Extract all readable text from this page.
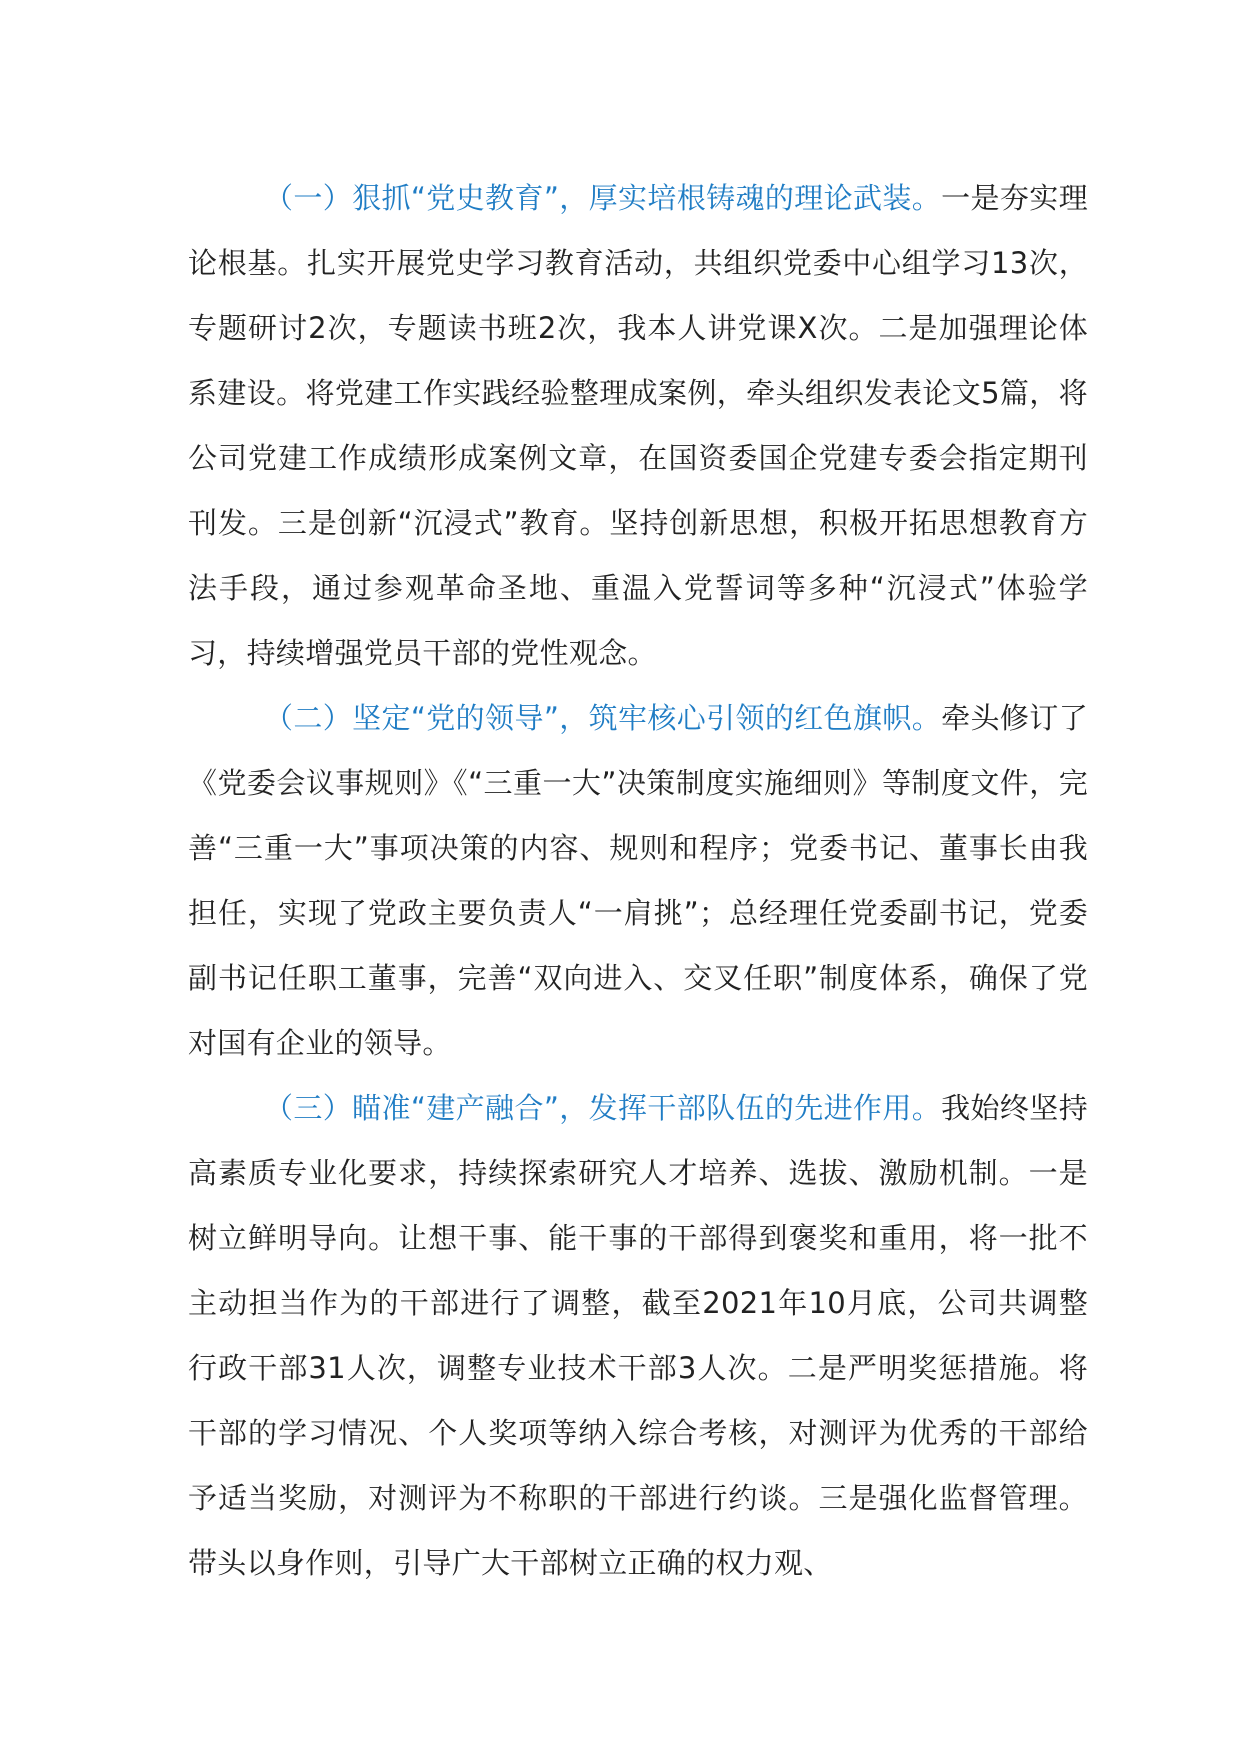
（一）狠抓“党史教育”，厚实培根铸魂的理论武装。一是夯实理论根基。扎实开展党史学习教育活动，共组织党委中心组学习13次，专题研讨2次，专题读书班2次，我本人讲党课X次。二是加强理论体系建设。将党建工作实践经验整理成案例，牵头组织发表论文5篇，将公司党建工作成绩形成案例文章，在国资委国企党建专委会指定期刊刊发。三是创新“沉浸式”教育。坚持创新思想，积极开拓思想教育方法手段，通过参观革命圣地、重温入党誓词等多种“沉浸式”体验学习，持续增强党员干部的党性观念。

（二）坚定“党的领导”，筑牢核心引领的红色旗帜。牵头修订了《党委会议事规则》《“三重一大”决策制度实施细则》等制度文件，完善“三重一大”事项决策的内容、规则和程序；党委书记、董事长由我担任，实现了党政主要负责人“一肩挑”；总经理任党委副书记，党委副书记任职工董事，完善“双向进入、交叉任职”制度体系，确保了党对国有企业的领导。

（三）瞄准“建产融合”，发挥干部队伍的先进作用。我始终坚持高素质专业化要求，持续探索研究人才培养、选拔、激励机制。一是树立鲜明导向。让想干事、能干事的干部得到褒奖和重用，将一批不主动担当作为的干部进行了调整，截至2021年10月底，公司共调整行政干部31人次，调整专业技术干部3人次。二是严明奖惩措施。将干部的学习情况、个人奖项等纳入综合考核，对测评为优秀的干部给予适当奖励，对测评为不称职的干部进行约谈。三是强化监督管理。带头以身作则，引导广大干部树立正确的权力观、
